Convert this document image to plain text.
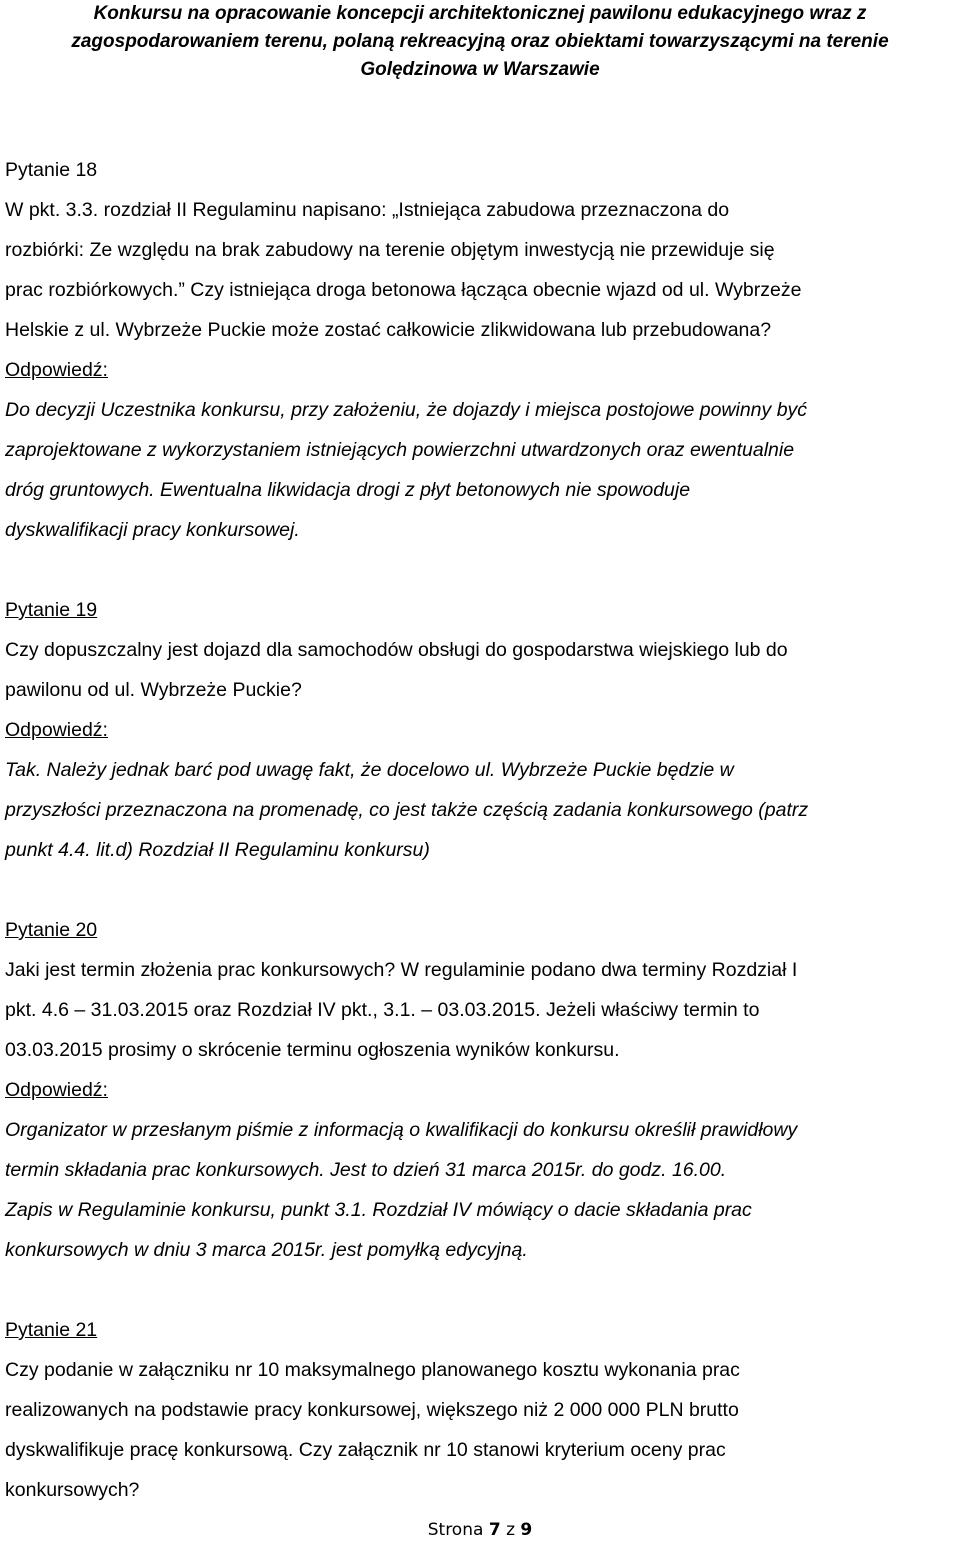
Konkursu na opracowanie koncepcji architektonicznej pawilonu edukacyjnego wraz z
zagospodarowaniem terenu, polaną rekreacyjną oraz obiektami towarzyszącymi na terenie
Golędzinowa w Warszawie
Pytanie 18
W pkt. 3.3. rozdział II Regulaminu napisano: „Istniejąca zabudowa przeznaczona do
rozbiórki: Ze względu na brak zabudowy na terenie objętym inwestycją nie przewiduje się
prac rozbiórkowych.” Czy istniejąca droga betonowa łącząca obecnie wjazd od ul. Wybrzeże
Helskie z ul. Wybrzeże Puckie może zostać całkowicie zlikwidowana lub przebudowana?
Odpowiedź:
Do decyzji Uczestnika konkursu, przy założeniu, że dojazdy i miejsca postojowe powinny być
zaprojektowane z wykorzystaniem istniejących powierzchni utwardzonych oraz ewentualnie
dróg gruntowych. Ewentualna likwidacja drogi z płyt betonowych nie spowoduje
dyskwalifikacji pracy konkursowej.
Pytanie 19
Czy dopuszczalny jest dojazd dla samochodów obsługi do gospodarstwa wiejskiego lub do
pawilonu od ul. Wybrzeże Puckie?
Odpowiedź:
Tak. Należy jednak barć pod uwagę fakt, że docelowo ul. Wybrzeże Puckie będzie w
przyszłości przeznaczona na promenadę, co jest także częścią zadania konkursowego (patrz
punkt 4.4. lit.d) Rozdział II Regulaminu konkursu)
Pytanie 20
Jaki jest termin złożenia prac konkursowych? W regulaminie podano dwa terminy Rozdział I
pkt. 4.6 – 31.03.2015 oraz Rozdział IV pkt., 3.1. – 03.03.2015. Jeżeli właściwy termin to
03.03.2015 prosimy o skrócenie terminu ogłoszenia wyników konkursu.
Odpowiedź:
Organizator w przesłanym piśmie z informacją o kwalifikacji do konkursu określił prawidłowy
termin składania prac konkursowych. Jest to dzień 31 marca 2015r. do godz. 16.00.
Zapis w Regulaminie konkursu, punkt 3.1. Rozdział IV mówiący o dacie składania prac
konkursowych w dniu 3 marca 2015r. jest pomyłką edycyjną.
Pytanie 21
Czy podanie w załączniku nr 10 maksymalnego planowanego kosztu wykonania prac
realizowanych na podstawie pracy konkursowej, większego niż 2 000 000 PLN brutto
dyskwalifikuje pracę konkursową. Czy załącznik nr 10 stanowi kryterium oceny prac
konkursowych?
Strona 7 z 9
